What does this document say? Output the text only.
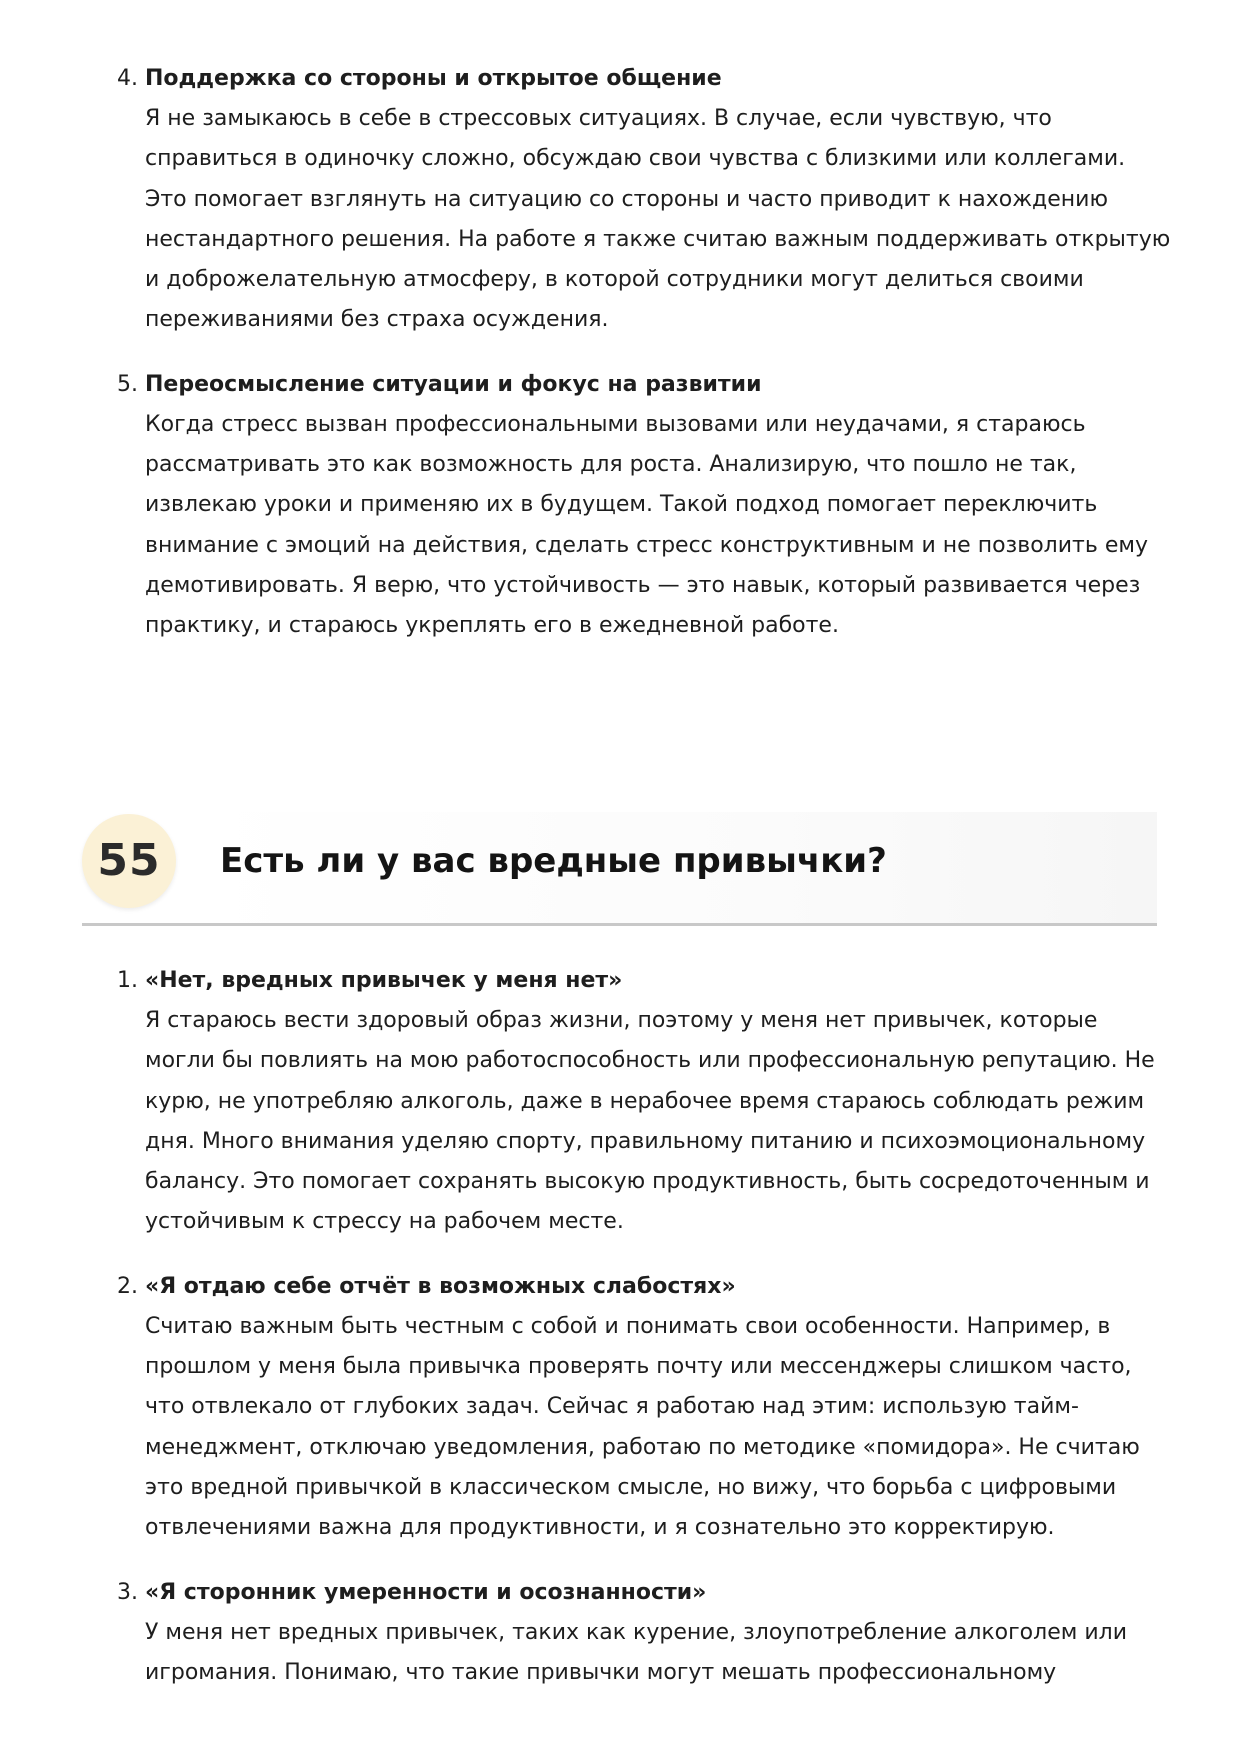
4. Поддержка со стороны и открытое общение
Я не замыкаюсь в себе в стрессовых ситуациях. В случае, если чувствую, что
справиться в одиночку сложно, обсуждаю свои чувства с близкими или коллегами.
Это помогает взглянуть на ситуацию со стороны и часто приводит к нахождению
нестандартного решения. На работе я также считаю важным поддерживать открытую
и доброжелательную атмосферу, в которой сотрудники могут делиться своими
переживаниями без страха осуждения.
5. Переосмысление ситуации и фокус на развитии
Когда стресс вызван профессиональными вызовами или неудачами, я стараюсь
рассматривать это как возможность для роста. Анализирую, что пошло не так,
извлекаю уроки и применяю их в будущем. Такой подход помогает переключить
внимание с эмоций на действия, сделать стресс конструктивным и не позволить ему
демотивировать. Я верю, что устойчивость — это навык, который развивается через
практику, и стараюсь укреплять его в ежедневной работе.
55	Есть ли у вас вредные привычки?
1. «Нет, вредных привычек у меня нет»
Я стараюсь вести здоровый образ жизни, поэтому у меня нет привычек, которые
могли бы повлиять на мою работоспособность или профессиональную репутацию. Не
курю, не употребляю алкоголь, даже в нерабочее время стараюсь соблюдать режим
дня. Много внимания уделяю спорту, правильному питанию и психоэмоциональному
балансу. Это помогает сохранять высокую продуктивность, быть сосредоточенным и
устойчивым к стрессу на рабочем месте.
2. «Я отдаю себе отчёт в возможных слабостях»
Считаю важным быть честным с собой и понимать свои особенности. Например, в
прошлом у меня была привычка проверять почту или мессенджеры слишком часто,
что отвлекало от глубоких задач. Сейчас я работаю над этим: использую тайм-
менеджмент, отключаю уведомления, работаю по методике «помидора». Не считаю
это вредной привычкой в классическом смысле, но вижу, что борьба с цифровыми
отвлечениями важна для продуктивности, и я сознательно это корректирую.
3. «Я сторонник умеренности и осознанности»
У меня нет вредных привычек, таких как курение, злоупотребление алкоголем или
игромания. Понимаю, что такие привычки могут мешать профессиональному
